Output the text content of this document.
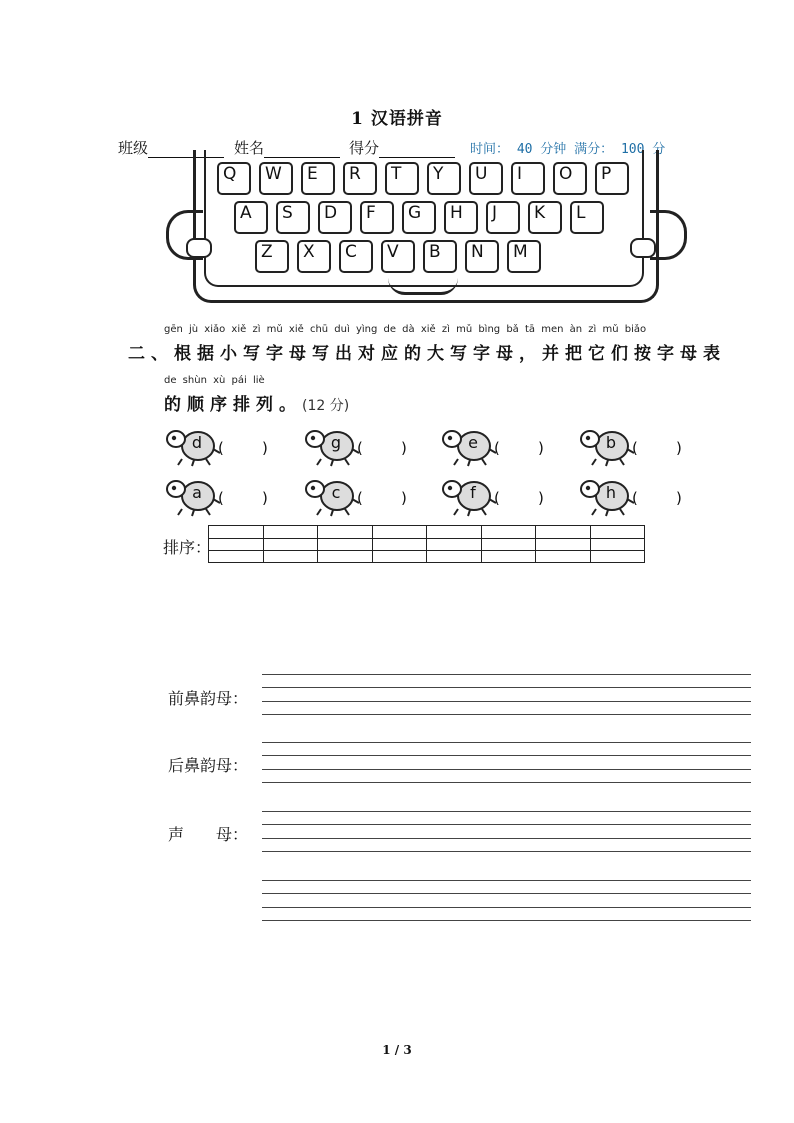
1 汉语拼音
班级	姓名	得分	时间： 40 分钟 满分： 100 分
Q	W	E	R	T	Y	U	I	O	P
A	S	D	F	G	H	J	K	L
Z	X	C	V	B	N	M
gēn jù xiǎo xiě zì mǔ xiě chū duì yìng de dà xiě zì mǔ bìng bǎ tā men àn zì mǔ biǎo
二、根据小写字母写出对应的大写字母，并把它们按字母表
de shùn xù pái liè
的顺序排列。(12 分)
d	(        )	g	(        )	e	(        )	b	(        )
a	(        )	c	(        )	f	(        )	h	(        )
排序：
前鼻韵母：
后鼻韵母：
声　　母：
1 / 3
